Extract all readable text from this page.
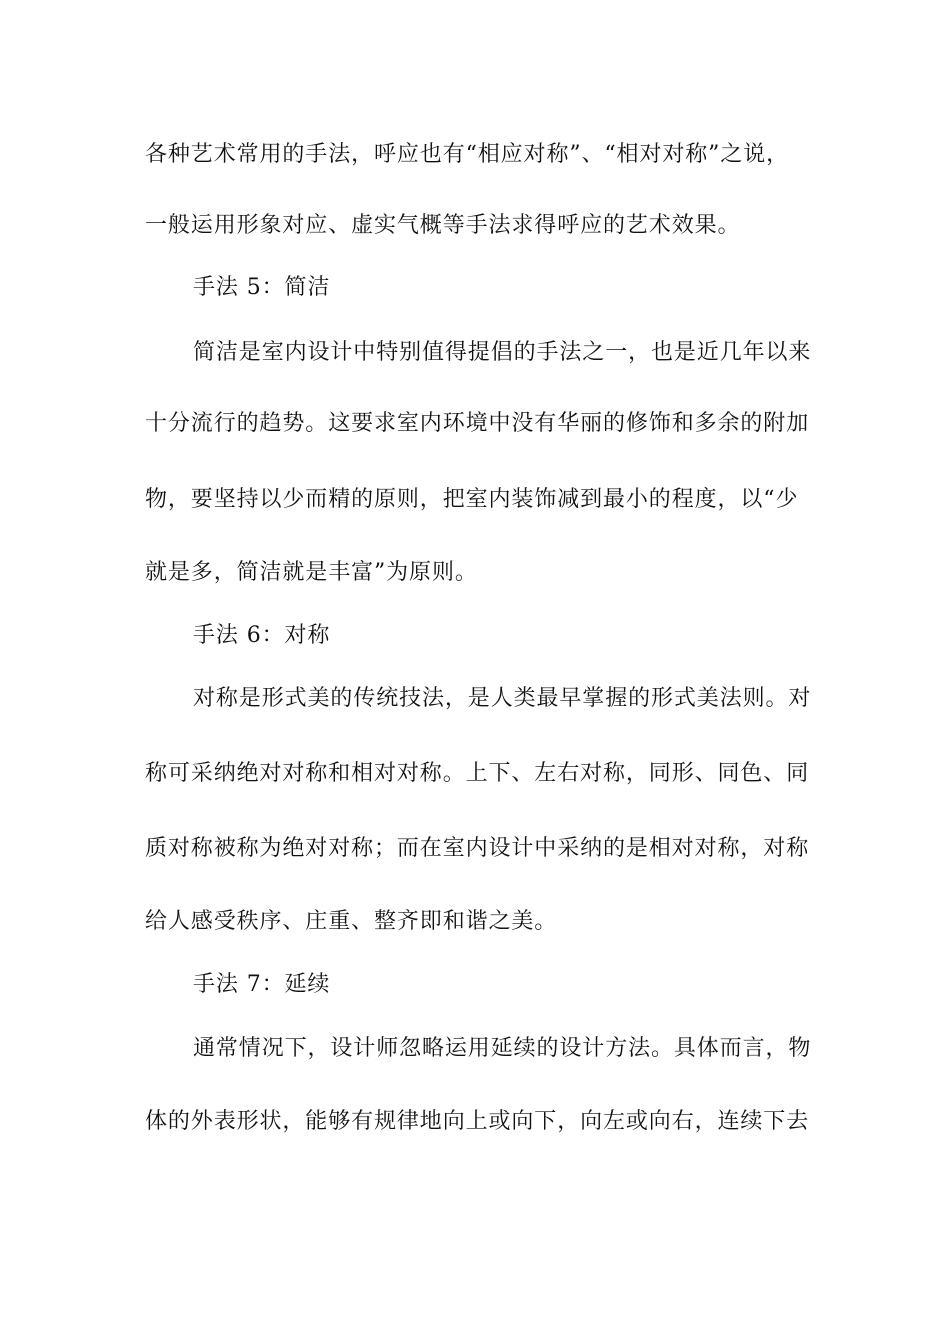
各种艺术常用的手法，呼应也有“相应对称”、“相对对称”之说，
一般运用形象对应、虚实气概等手法求得呼应的艺术效果。
手法 5：简洁
简洁是室内设计中特别值得提倡的手法之一，也是近几年以来
十分流行的趋势。这要求室内环境中没有华丽的修饰和多余的附加
物，要坚持以少而精的原则，把室内装饰减到最小的程度，以“少
就是多，简洁就是丰富”为原则。
手法 6：对称
对称是形式美的传统技法，是人类最早掌握的形式美法则。对
称可采纳绝对对称和相对对称。上下、左右对称，同形、同色、同
质对称被称为绝对对称；而在室内设计中采纳的是相对对称，对称
给人感受秩序、庄重、整齐即和谐之美。
手法 7：延续
通常情况下，设计师忽略运用延续的设计方法。具体而言，物
体的外表形状，能够有规律地向上或向下，向左或向右，连续下去
